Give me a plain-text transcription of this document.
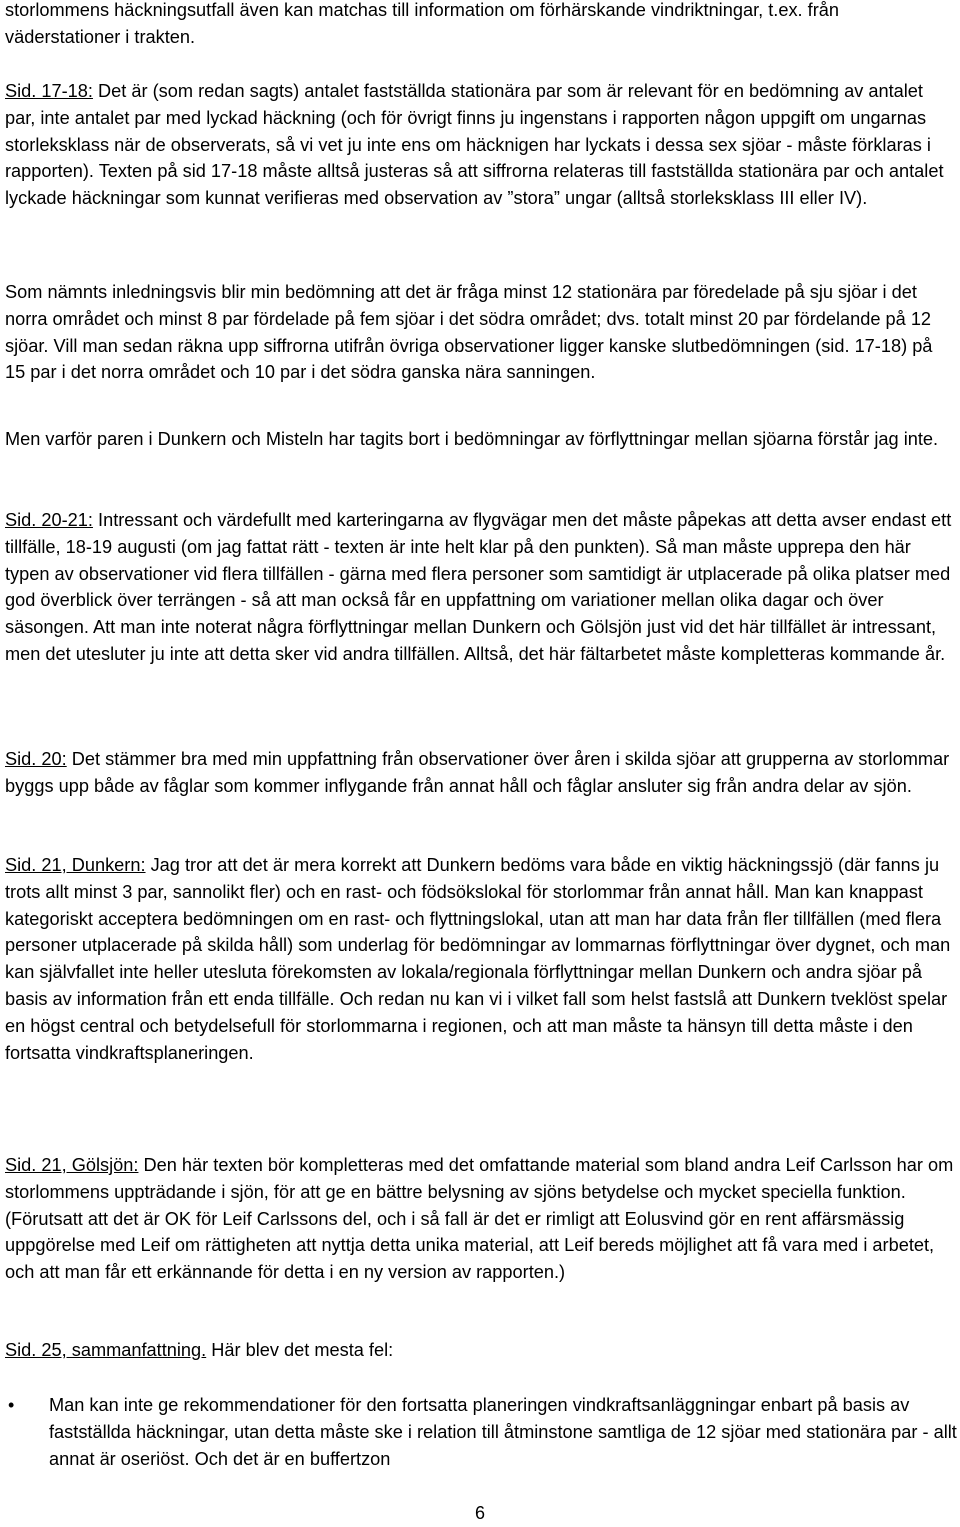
storlommens häckningsutfall även kan matchas till information om förhärskande vindriktningar, t.ex. från väderstationer i trakten.

Sid. 17-18: Det är (som redan sagts) antalet fastställda stationära par som är relevant för en bedömning av antalet par, inte antalet par med lyckad häckning (och för övrigt finns ju ingenstans i rapporten någon uppgift om ungarnas storleksklass när de observerats, så vi vet ju inte ens om häcknigen har lyckats i dessa sex sjöar - måste förklaras i rapporten). Texten på sid 17-18 måste alltså justeras så att siffrorna relateras till fastställda stationära par och antalet lyckade häckningar som kunnat verifieras med observation av ”stora” ungar (alltså storleksklass III eller IV).

Som nämnts inledningsvis blir min bedömning att det är fråga minst 12 stationära par föredelade på sju sjöar i det norra området och minst 8 par fördelade på fem sjöar i det södra området; dvs. totalt minst 20 par fördelande på 12 sjöar. Vill man sedan räkna upp siffrorna utifrån övriga observationer ligger kanske slutbedömningen (sid. 17-18) på 15 par i det norra området och 10 par i det södra ganska nära sanningen.

Men varför paren i Dunkern och Misteln har tagits bort i bedömningar av förflyttningar mellan sjöarna förstår jag inte.

Sid. 20-21: Intressant och värdefullt med karteringarna av flygvägar men det måste påpekas att detta avser endast ett tillfälle, 18-19 augusti (om jag fattat rätt - texten är inte helt klar på den punkten). Så man måste upprepa den här typen av observationer vid flera tillfällen - gärna med flera personer som samtidigt är utplacerade på olika platser med god överblick över terrängen - så att man också får en uppfattning om variationer mellan olika dagar och över säsongen. Att man inte noterat några förflyttningar mellan Dunkern och Gölsjön just vid det här tillfället är intressant, men det utesluter ju inte att detta sker vid andra tillfällen. Alltså, det här fältarbetet måste kompletteras kommande år.

Sid. 20: Det stämmer bra med min uppfattning från observationer över åren i skilda sjöar att grupperna av storlommar byggs upp både av fåglar som kommer inflygande från annat håll och fåglar ansluter sig från andra delar av sjön.

Sid. 21, Dunkern: Jag tror att det är mera korrekt att Dunkern bedöms vara både en viktig häckningssjö (där fanns ju trots allt minst 3 par, sannolikt fler) och en rast- och födsökslokal för storlommar från annat håll. Man kan knappast kategoriskt acceptera bedömningen om en rast- och flyttningslokal, utan att man har data från fler tillfällen (med flera personer utplacerade på skilda håll) som underlag för bedömningar av lommarnas förflyttningar över dygnet, och man kan självfallet inte heller utesluta förekomsten av lokala/regionala förflyttningar mellan Dunkern och andra sjöar på basis av information från ett enda tillfälle. Och redan nu kan vi i vilket fall som helst fastslå att Dunkern tveklöst spelar en högst central och betydelsefull för storlommarna i regionen, och att man måste ta hänsyn till detta måste i den fortsatta vindkraftsplaneringen.

Sid. 21, Gölsjön: Den här texten bör kompletteras med det omfattande material som bland andra Leif Carlsson har om storlommens uppträdande i sjön, för att ge en bättre belysning av sjöns betydelse och mycket speciella funktion. (Förutsatt att det är OK för Leif Carlssons del, och i så fall är det er rimligt att Eolusvind gör en rent affärsmässig uppgörelse med Leif om rättigheten att nyttja detta unika material, att Leif bereds möjlighet att få vara med i arbetet, och att man får ett erkännande för detta i en ny version av rapporten.)

Sid. 25, sammanfattning. Här blev det mesta fel:

• Man kan inte ge rekommendationer för den fortsatta planeringen vindkraftsanläggningar enbart på basis av fastställda häckningar, utan detta måste ske i relation till åtminstone samtliga de 12 sjöar med stationära par - allt annat är oseriöst. Och det är en buffertzon
6
